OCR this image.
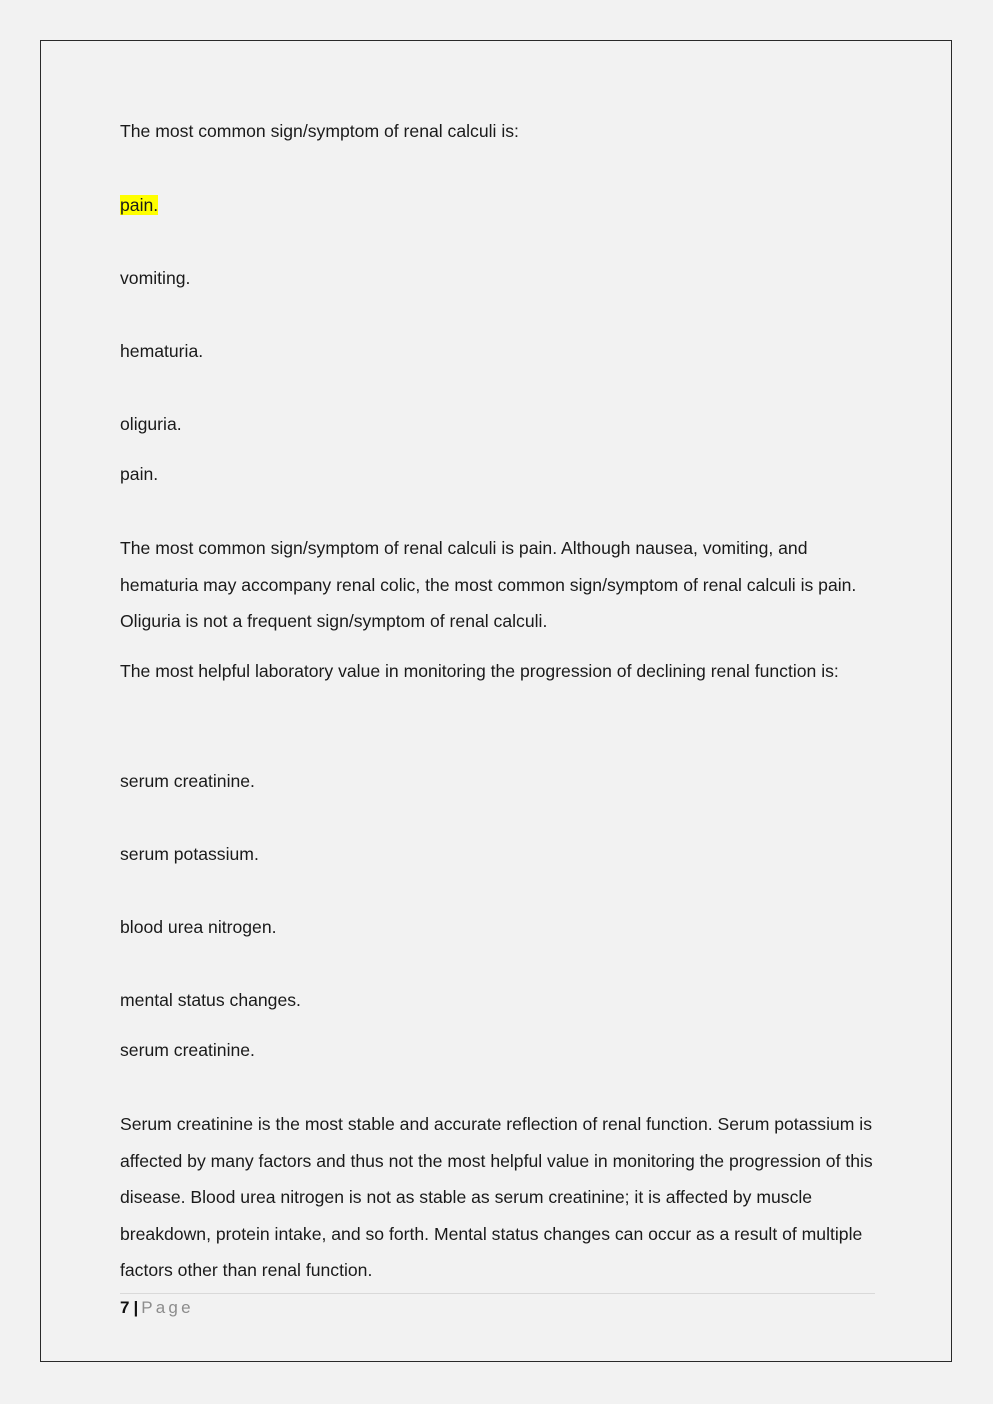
The most common sign/symptom of renal calculi is:
pain.
vomiting.
hematuria.
oliguria.
pain.
The most common sign/symptom of renal calculi is pain. Although nausea, vomiting, and hematuria may accompany renal colic, the most common sign/symptom of renal calculi is pain. Oliguria is not a frequent sign/symptom of renal calculi.
The most helpful laboratory value in monitoring the progression of declining renal function is:
serum creatinine.
serum potassium.
blood urea nitrogen.
mental status changes.
serum creatinine.
Serum creatinine is the most stable and accurate reflection of renal function. Serum potassium is affected by many factors and thus not the most helpful value in monitoring the progression of this disease. Blood urea nitrogen is not as stable as serum creatinine; it is affected by muscle breakdown, protein intake, and so forth. Mental status changes can occur as a result of multiple factors other than renal function.
7 | Page
